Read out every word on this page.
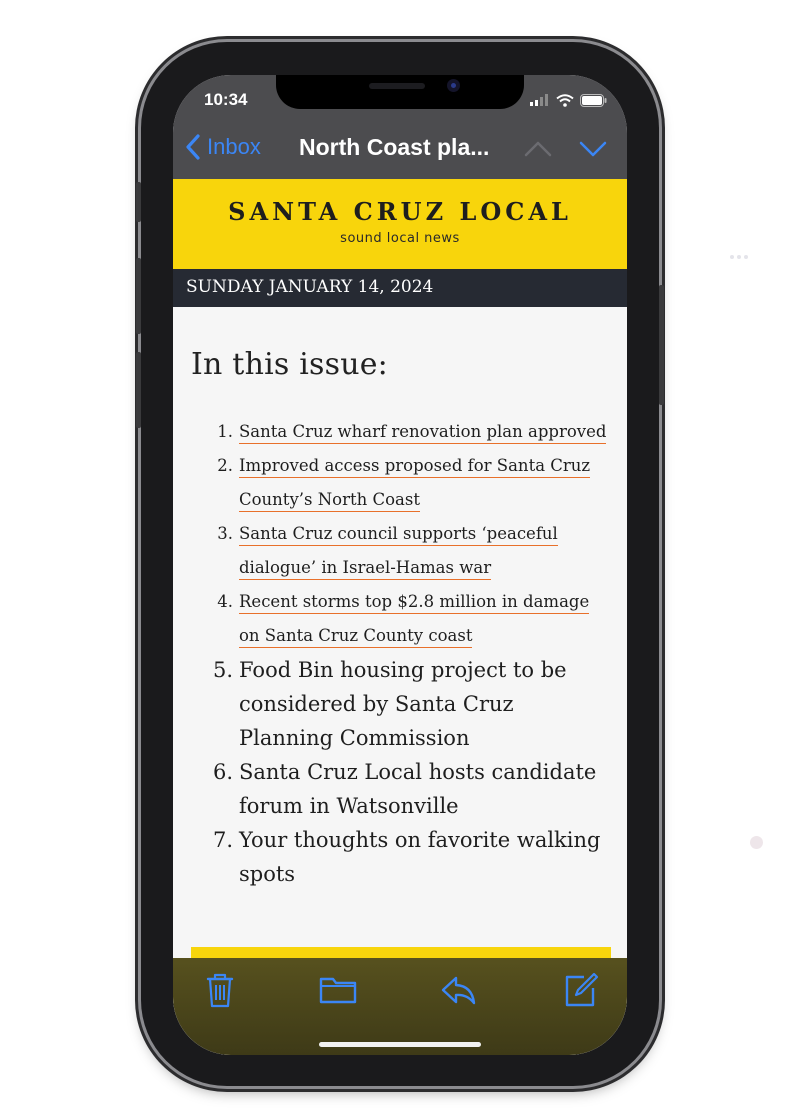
10:34
Inbox North Coast pla...
SANTA CRUZ LOCAL
sound local news
SUNDAY JANUARY 14, 2024
In this issue:
1. Santa Cruz wharf renovation plan approved
2. Improved access proposed for Santa Cruz County’s North Coast
3. Santa Cruz council supports ‘peaceful dialogue’ in Israel-Hamas war
4. Recent storms top $2.8 million in damage on Santa Cruz County coast
5. Food Bin housing project to be considered by Santa Cruz Planning Commission
6. Santa Cruz Local hosts candidate forum in Watsonville
7. Your thoughts on favorite walking spots
